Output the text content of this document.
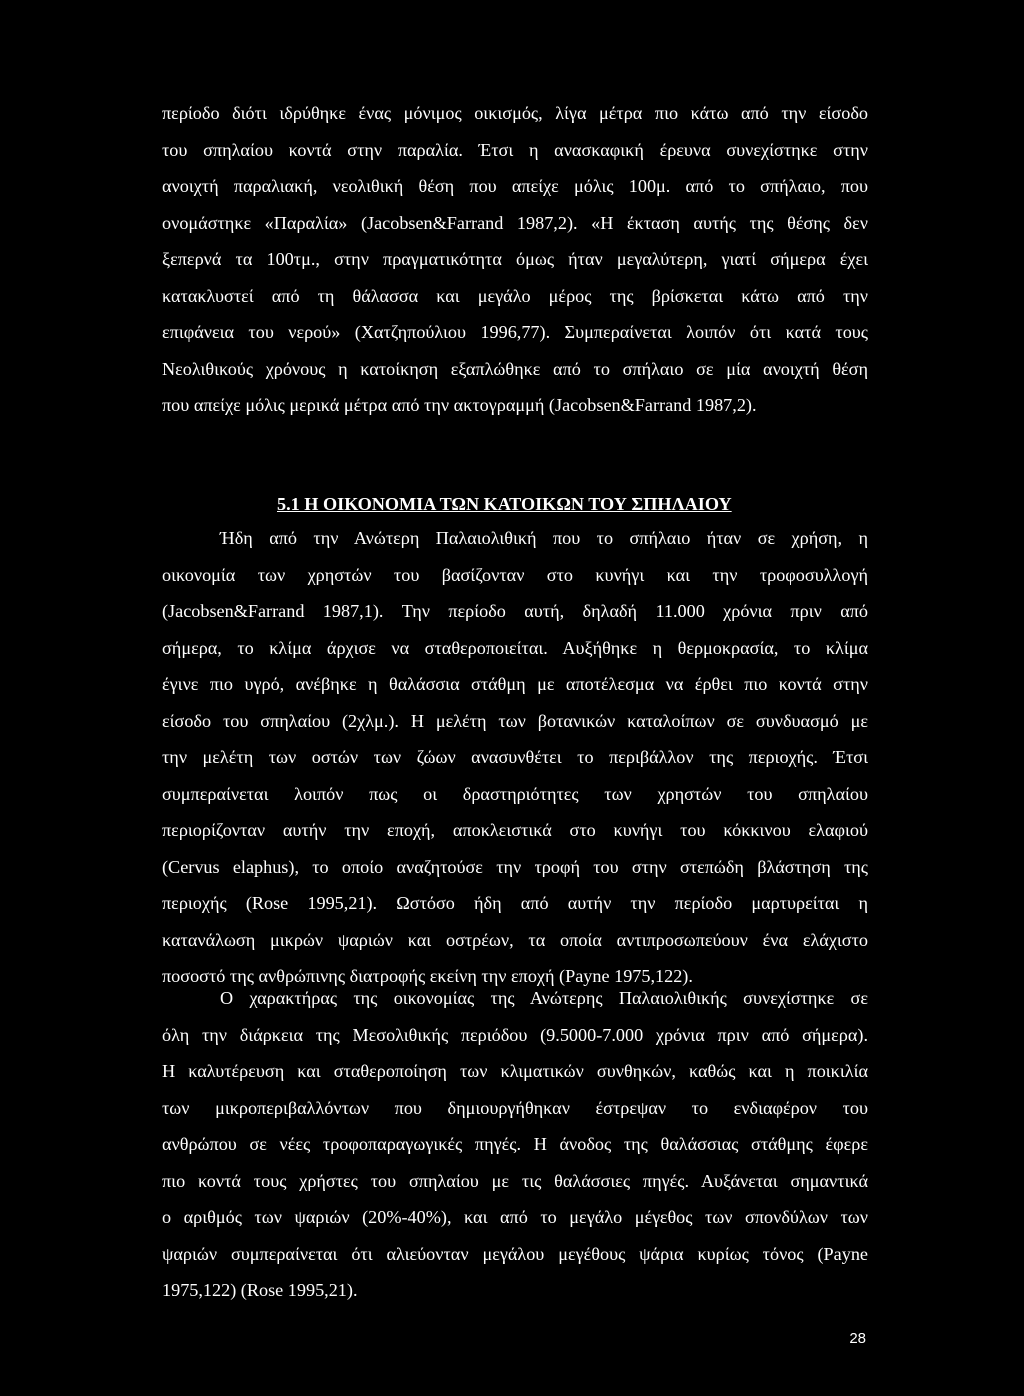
περίοδο διότι ιδρύθηκε ένας μόνιμος οικισμός, λίγα μέτρα πιο κάτω από την είσοδο
του σπηλαίου κοντά στην παραλία. Έτσι η ανασκαφική έρευνα συνεχίστηκε στην
ανοιχτή παραλιακή, νεολιθική θέση που απείχε μόλις 100μ. από το σπήλαιο, που
ονομάστηκε «Παραλία» (Jacobsen&Farrand 1987,2). «Η έκταση αυτής της θέσης δεν
ξεπερνά τα 100τμ., στην πραγματικότητα όμως ήταν μεγαλύτερη, γιατί σήμερα έχει
κατακλυστεί από τη θάλασσα και μεγάλο μέρος της βρίσκεται κάτω από την
επιφάνεια του νερού» (Χατζηπούλιου 1996,77). Συμπεραίνεται λοιπόν ότι κατά τους
Νεολιθικούς χρόνους η κατοίκηση εξαπλώθηκε από το σπήλαιο σε μία ανοιχτή θέση
που απείχε μόλις μερικά μέτρα από την ακτογραμμή (Jacobsen&Farrand 1987,2).
5.1 Η ΟΙΚΟΝΟΜΙΑ ΤΩΝ ΚΑΤΟΙΚΩΝ ΤΟΥ ΣΠΗΛΑΙΟΥ
Ήδη από την Ανώτερη Παλαιολιθική που το σπήλαιο ήταν σε χρήση, η
οικονομία των χρηστών του βασίζονταν στο κυνήγι και την τροφοσυλλογή
(Jacobsen&Farrand 1987,1). Την περίοδο αυτή, δηλαδή 11.000 χρόνια πριν από
σήμερα, το κλίμα άρχισε να σταθεροποιείται. Αυξήθηκε η θερμοκρασία, το κλίμα
έγινε πιο υγρό, ανέβηκε η θαλάσσια στάθμη με αποτέλεσμα να έρθει πιο κοντά στην
είσοδο του σπηλαίου (2χλμ.). Η μελέτη των βοτανικών καταλοίπων σε συνδυασμό με
την μελέτη των οστών των ζώων ανασυνθέτει το περιβάλλον της περιοχής. Έτσι
συμπεραίνεται λοιπόν πως οι δραστηριότητες των χρηστών του σπηλαίου
περιορίζονταν αυτήν την εποχή, αποκλειστικά στο κυνήγι του κόκκινου ελαφιού
(Cervus elaphus), το οποίο αναζητούσε την τροφή του στην στεπώδη βλάστηση της
περιοχής (Rose 1995,21). Ωστόσο ήδη από αυτήν την περίοδο μαρτυρείται η
κατανάλωση μικρών ψαριών και οστρέων, τα οποία αντιπροσωπεύουν ένα ελάχιστο
ποσοστό της ανθρώπινης διατροφής εκείνη την εποχή (Payne 1975,122).
Ο χαρακτήρας της οικονομίας της Ανώτερης Παλαιολιθικής συνεχίστηκε σε
όλη την διάρκεια της Μεσολιθικής περιόδου (9.5000-7.000 χρόνια πριν από σήμερα).
Η καλυτέρευση και σταθεροποίηση των κλιματικών συνθηκών, καθώς και η ποικιλία
των μικροπεριβαλλόντων που δημιουργήθηκαν έστρεψαν το ενδιαφέρον του
ανθρώπου σε νέες τροφοπαραγωγικές πηγές. Η άνοδος της θαλάσσιας στάθμης έφερε
πιο κοντά τους χρήστες του σπηλαίου με τις θαλάσσιες πηγές. Αυξάνεται σημαντικά
ο αριθμός των ψαριών (20%-40%), και από το μεγάλο μέγεθος των σπονδύλων των
ψαριών συμπεραίνεται ότι αλιεύονταν μεγάλου μεγέθους ψάρια κυρίως τόνος (Payne
1975,122) (Rose 1995,21).
28
